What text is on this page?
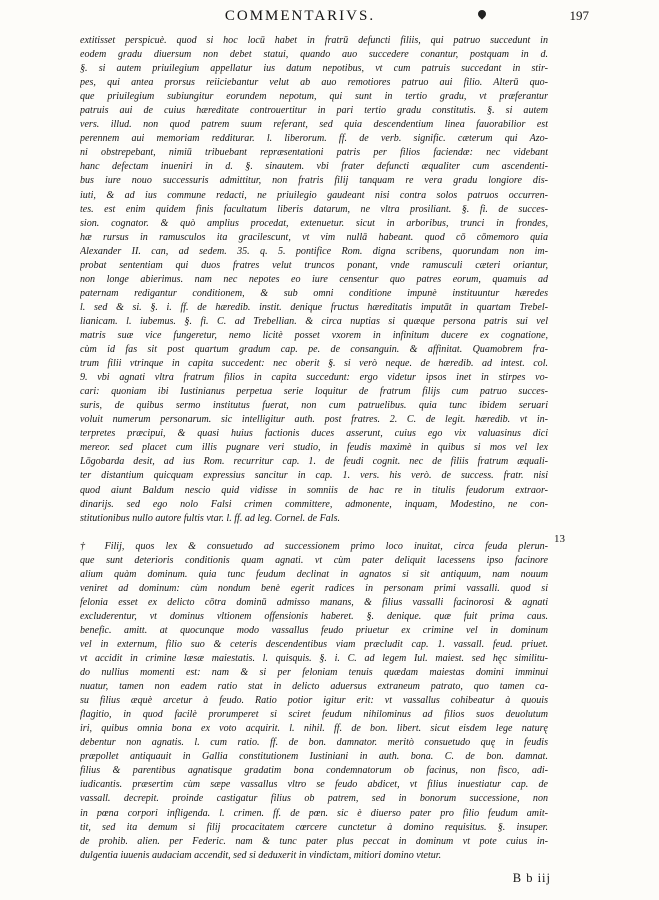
COMMENTARIVS.	197
extitisset perspicuè. quod si hoc locū habet in fratrū defuncti filiis, qui patruo succedunt in
eodem gradu diuersum non debet statui, quando auo succedere conantur, postquam in d.
§. si autem priuilegium appellatur ius datum nepotibus, vt cum patruis succedant in stir-
pes, qui antea prorsus reiiciebantur velut ab auo remotiores patruo aui filio. Alterū quo-
que priuilegium subiungitur eorundem nepotum, qui sunt in tertio gradu, vt præferantur
patruis aui de cuius hæreditate controuertitur in pari tertio gradu constitutis. §. si autem
vers. illud. non quod patrem suum referant, sed quia descendentium linea fauorabilior est
perennem aui memoriam redditurar. l. liberorum. ff. de verb. signific. cæterum qui Azo-
ni obstrepebant, nimiū tribuebant repræsentationi patris per filios faciendæ: nec videbant
hanc defectam inueniri in d. §. sinautem. vbi frater defuncti æqualiter cum ascendenti-
bus iure nouo successuris admittitur, non fratris filij tanquam re vera gradu longiore dis-
iuti, & ad ius commune redacti, ne priuilegio gaudeant nisi contra solos patruos occurren-
tes. est enim quidem finis facultatum liberis datarum, ne vltra prosiliant. §. fi. de succes-
sion. cognator. & quò amplius procedat, extenuetur. sicut in arboribus, trunci in frondes,
hæ rursus in ramusculos ita gracilescunt, vt vim nullā habeant. quod cō cōmemoro quia
Alexander II. can, ad sedem. 35. q. 5. pontifice Rom. digna scribens, quorundam non im-
probat sententiam qui duos fratres velut truncos ponant, vnde ramusculi cæteri oriantur,
non longe abierimus. nam nec nepotes eo iure censentur quo patres eorum, quamuis ad
paternam redigantur conditionem, & sub omni conditione impunè instituuntur hæredes
l. sed & si. §. i. ff. de hæredib. instit. denique fructus hæreditatis imputāt in quartam Trebel-
lianicam. l. iubemus. §. fi. C. ad Trebellian. & circa nuptias si quæque persona patris sui vel
matris suæ vice fungeretur, nemo licitè posset vxorem in infinitum ducere ex cognatione,
cùm id fas sit post quartum gradum cap. pe. de consanguin. & affinitat. Quamobrem fra-
trum filii vtrinque in capita succedent: nec oberit §. si verò neque. de hæredib. ad intest. col.
9. vbi agnati vltra fratrum filios in capita succedunt: ergo videtur ipsos inet in stirpes vo-
cari: quoniam ibi Iustinianus perpetua serie loquitur de fratrum filijs cum patruo succes-
suris, de quibus sermo institutus fuerat, non cum patruelibus. quia tunc ibidem seruari
voluit numerum personarum. sic intelligitur auth. post fratres. 2. C. de legit. hæredib. vt in-
terpretes præcipui, & quasi huius factionis duces asserunt, cuius ego vix valuasinus dici
mereor. sed placet cum illis pugnare veri studio, in feudis maximè in quibus si mos vel lex
Lōgobarda desit, ad ius Rom. recurritur cap. 1. de feudi cognit. nec de filiis fratrum æquali-
ter distantium quicquam expressius sancitur in cap. 1. vers. his verò. de success. fratr. nisi
quod aiunt Baldum nescio quid vidisse in somniis de hac re in titulis feudorum extraor-
dinarijs. sed ego nolo Falsi crimen committere, admonente, inquam, Modestino, ne con-
stitutionibus nullo autore fultis vtar. l. ff. ad leg. Cornel. de Fals.
† Filij, quos lex & consuetudo ad successionem primo loco inuitat, circa feuda plerun-
que sunt deterioris conditionis quam agnati. vt cùm pater deliquit lacessens ipso facinore
alium quàm dominum. quia tunc feudum declinat in agnatos si sit antiquum, nam nouum
veniret ad dominum: cùm nondum benè egerit radices in personam primi vassalli. quod si
felonia esset ex delicto cōtra dominū admisso manans, & filius vassalli facinorosi & agnati
excluderentur, vt dominus vltionem offensionis haberet. §. denique. quæ fuit prima caus.
benefic. amitt. at quocunque modo vassallus feudo priuetur ex crimine vel in dominum
vel in externum, filio suo & ceteris descendentibus viam præcludit cap. 1. vassall. feud. priuet.
vt accidit in crimine læsæ maiestatis. l. quisquis. §. i. C. ad legem Iul. maiest. sed hęc similitu-
do nullius momenti est: nam & si per feloniam tenuis quædam maiestas domini imminui
nuatur, tamen non eadem ratio stat in delicto aduersus extraneum patrato, quo tamen ca-
su filius æquè arcetur à feudo. Ratio potior igitur erit: vt vassallus cohibeatur à quouis
flagitio, in quod facilè prorumperet si sciret feudum nihilominus ad filios suos deuolutum
iri, quibus omnia bona ex voto acquirit. l. nihil. ff. de bon. libert. sicut eisdem lege naturę
debentur non agnatis. l. cum ratio. ff. de bon. damnator. meritò consuetudo quę in feudis
præpollet antiquauit in Gallia constitutionem Iustiniani in auth. bona. C. de bon. damnat.
filius & parentibus agnatisque gradatim bona condemnatorum ob facinus, non fisco, adi-
iudicantis. præsertim cùm sæpe vassallus vltro se feudo abdicet, vt filius inuestiatur cap. de
vassall. decrepit. proinde castigatur filius ob patrem, sed in bonorum successione, non
in pœna corpori infligenda. l. crimen. ff. de pœn. sic è diuerso pater pro filio feudum amit-
tit, sed ita demum si filij procacitatem cœrcere cunctetur à domino requisitus. §. insuper.
de prohib. alien. per Federic. nam & tunc pater plus peccat in dominum vt pote cuius in-
dulgentia iuuenis audaciam accendit, sed si deduxerit in vindictam, mitiori domino vtetur.
13
B b iij
